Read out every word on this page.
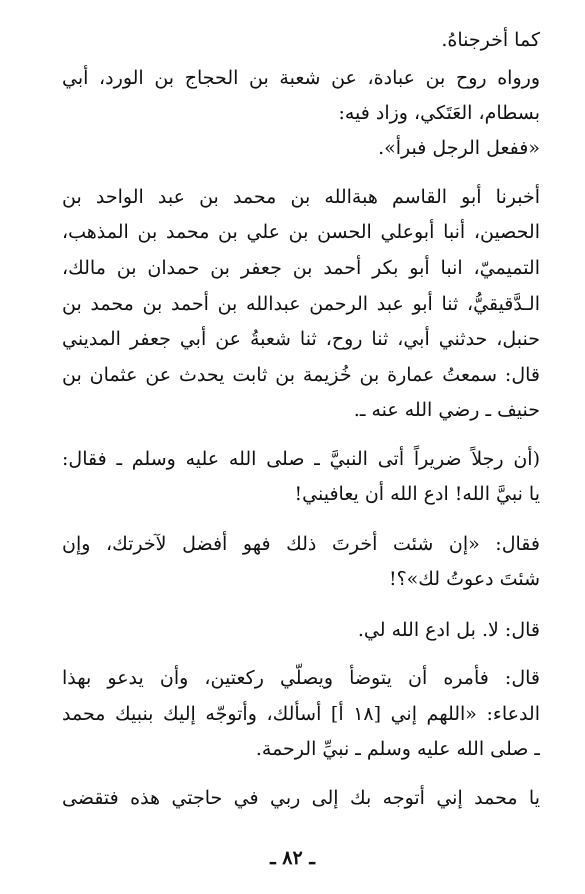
كما أخرجناهُ.
ورواه روح بن عبادة، عن شعبة بن الحجاج بن الورد، أبي
بسطام، العَتَكي، وزاد فيه:
«ففعل الرجل فبرأ».
أخبرنا أبو القاسم هبةالله بن محمد بن عبد الواحد بن
الحصين، أنبا أبوعلي الحسن بن علي بن محمد بن المذهب،
التميميّ، انبا أبو بكر أحمد بن جعفر بن حمدان بن مالك،
الـدَّقيقيُّ، ثنا أبو عبد الرحمن عبدالله بن أحمد بن محمد بن
حنبل، حدثني أبي، ثنا روح، ثنا شعبةُ عن أبي جعفر المديني
قال: سمعتُ عمارة بن خُزيمة بن ثابت يحدث عن عثمان بن
حنيف ـ رضي الله عنه ـ.
(أن رجلاً ضريراً أتى النبيَّ ـ صلى الله عليه وسلم ـ فقال:
يا نبيَّ الله! ادع الله أن يعافيني!
فقال: «إن شئت أخرتَ ذلك فهو أفضل لآخرتك، وإن
شئتَ دعوتُ لك»؟!
قال: لا. بل ادع الله لي.
قال: فأمره أن يتوضأ ويصلّي ركعتين، وأن يدعو بهذا
الدعاء: «اللهم إني [١٨ أ] أسألك، وأتوجّه إليك بنبيك محمد
ـ صلى الله عليه وسلم ـ نبيِّ الرحمة.
يا محمد إني أتوجه بك إلى ربي في حاجتي هذه فتقضى
ـ ٨٢ ـ
